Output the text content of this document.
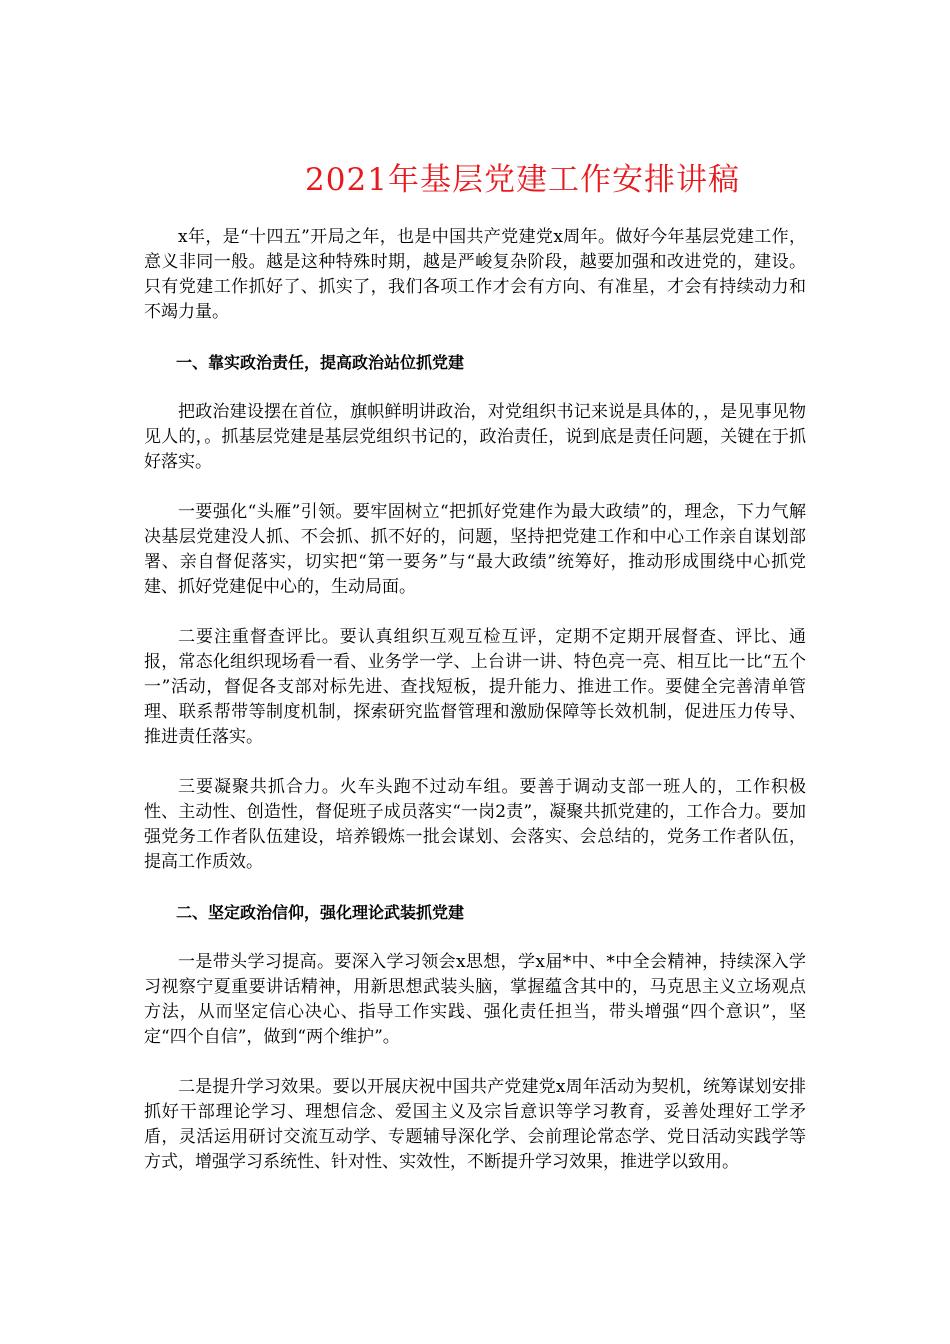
2021年基层党建工作安排讲稿

x年，是“十四五”开局之年，也是中国共产党建党x周年。做好今年基层党建工作，意义非同一般。越是这种特殊时期，越是严峻复杂阶段，越要加强和改进党的，建设。只有党建工作抓好了、抓实了，我们各项工作才会有方向、有准星，才会有持续动力和不竭力量。

一、靠实政治责任，提高政治站位抓党建

把政治建设摆在首位，旗帜鲜明讲政治，对党组织书记来说是具体的，，是见事见物见人的，。抓基层党建是基层党组织书记的，政治责任，说到底是责任问题，关键在于抓好落实。

一要强化“头雁”引领。要牢固树立“把抓好党建作为最大政绩”的，理念，下力气解决基层党建没人抓、不会抓、抓不好的，问题，坚持把党建工作和中心工作亲自谋划部署、亲自督促落实，切实把“第一要务”与“最大政绩”统筹好，推动形成围绕中心抓党建、抓好党建促中心的，生动局面。

二要注重督查评比。要认真组织互观互检互评，定期不定期开展督查、评比、通报，常态化组织现场看一看、业务学一学、上台讲一讲、特色亮一亮、相互比一比“五个一”活动，督促各支部对标先进、查找短板，提升能力、推进工作。要健全完善清单管理、联系帮带等制度机制，探索研究监督管理和激励保障等长效机制，促进压力传导、推进责任落实。

三要凝聚共抓合力。火车头跑不过动车组。要善于调动支部一班人的，工作积极性、主动性、创造性，督促班子成员落实“一岗2责”，凝聚共抓党建的，工作合力。要加强党务工作者队伍建设，培养锻炼一批会谋划、会落实、会总结的，党务工作者队伍，提高工作质效。

二、坚定政治信仰，强化理论武装抓党建

一是带头学习提高。要深入学习领会x思想，学x届*中、*中全会精神，持续深入学习视察宁夏重要讲话精神，用新思想武装头脑，掌握蕴含其中的，马克思主义立场观点方法，从而坚定信心决心、指导工作实践、强化责任担当，带头增强“四个意识”，坚定“四个自信”，做到“两个维护”。

二是提升学习效果。要以开展庆祝中国共产党建党x周年活动为契机，统筹谋划安排抓好干部理论学习、理想信念、爱国主义及宗旨意识等学习教育，妥善处理好工学矛盾，灵活运用研讨交流互动学、专题辅导深化学、会前理论常态学、党日活动实践学等方式，增强学习系统性、针对性、实效性，不断提升学习效果，推进学以致用。
